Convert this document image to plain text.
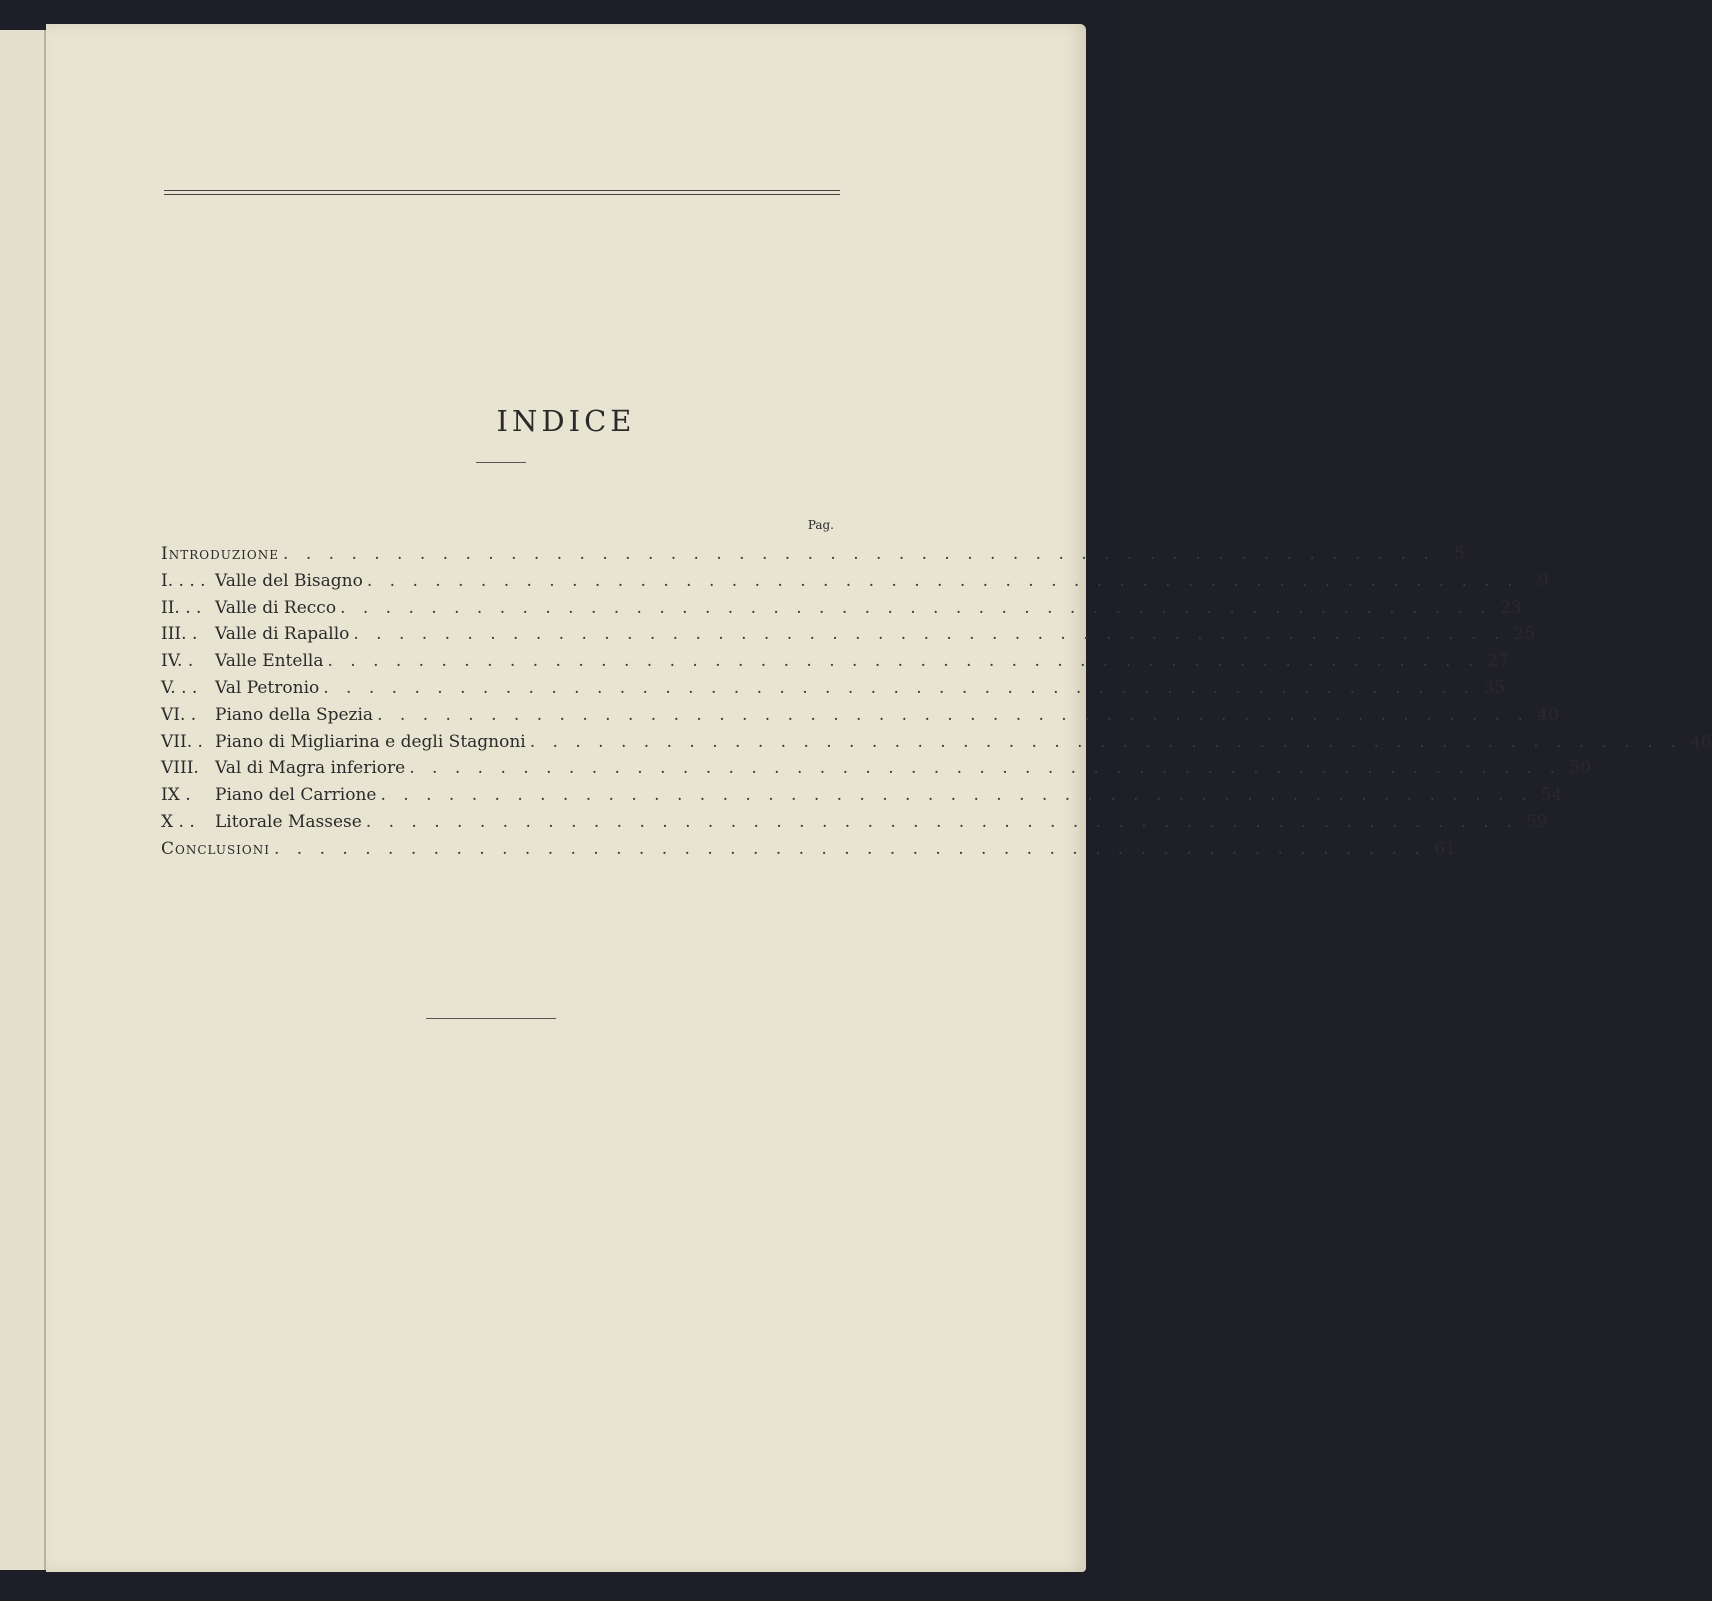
INDICE
Pag.
Introduzione . . . . . . . . . . . . . . . . . . . . . . . . . . . . . . . . . . . . . . . . . . . . . . . . . . .	5
I. . . . Valle del Bisagno . . . . . . . . . . . . . . . . . . . . . . . . . . . . . . . . . . . . . . . . . . . . . . . . . . .	9
II. . . Valle di Recco . . . . . . . . . . . . . . . . . . . . . . . . . . . . . . . . . . . . . . . . . . . . . . . . . . . 23
III. .	Valle di Rapallo . . . . . . . . . . . . . . . . . . . . . . . . . . . . . . . . . . . . . . . . . . . . . . . . . . . 25
IV. .	Valle Entella . . . . . . . . . . . . . . . . . . . . . . . . . . . . . . . . . . . . . . . . . . . . . . . . . . . 27
V. . .	Val Petronio . . . . . . . . . . . . . . . . . . . . . . . . . . . . . . . . . . . . . . . . . . . . . . . . . . . 35
VI. .	Piano della Spezia . . . . . . . . . . . . . . . . . . . . . . . . . . . . . . . . . . . . . . . . . . . . . . . . . . . 40
VII. . Piano di Migliarina e degli Stagnoni . . . . . . . . . . . . . . . . . . . . . . . . . . . . . . . . . . . . . . . . . . . . . . . . . . . 46
VIII. Val di Magra inferiore . . . . . . . . . . . . . . . . . . . . . . . . . . . . . . . . . . . . . . . . . . . . . . . . . . . 50
IX .	Piano del Carrione . . . . . . . . . . . . . . . . . . . . . . . . . . . . . . . . . . . . . . . . . . . . . . . . . . . 54
X . .	Litorale Massese . . . . . . . . . . . . . . . . . . . . . . . . . . . . . . . . . . . . . . . . . . . . . . . . . . . 59
Conclusioni . . . . . . . . . . . . . . . . . . . . . . . . . . . . . . . . . . . . . . . . . . . . . . . . . . . 61
